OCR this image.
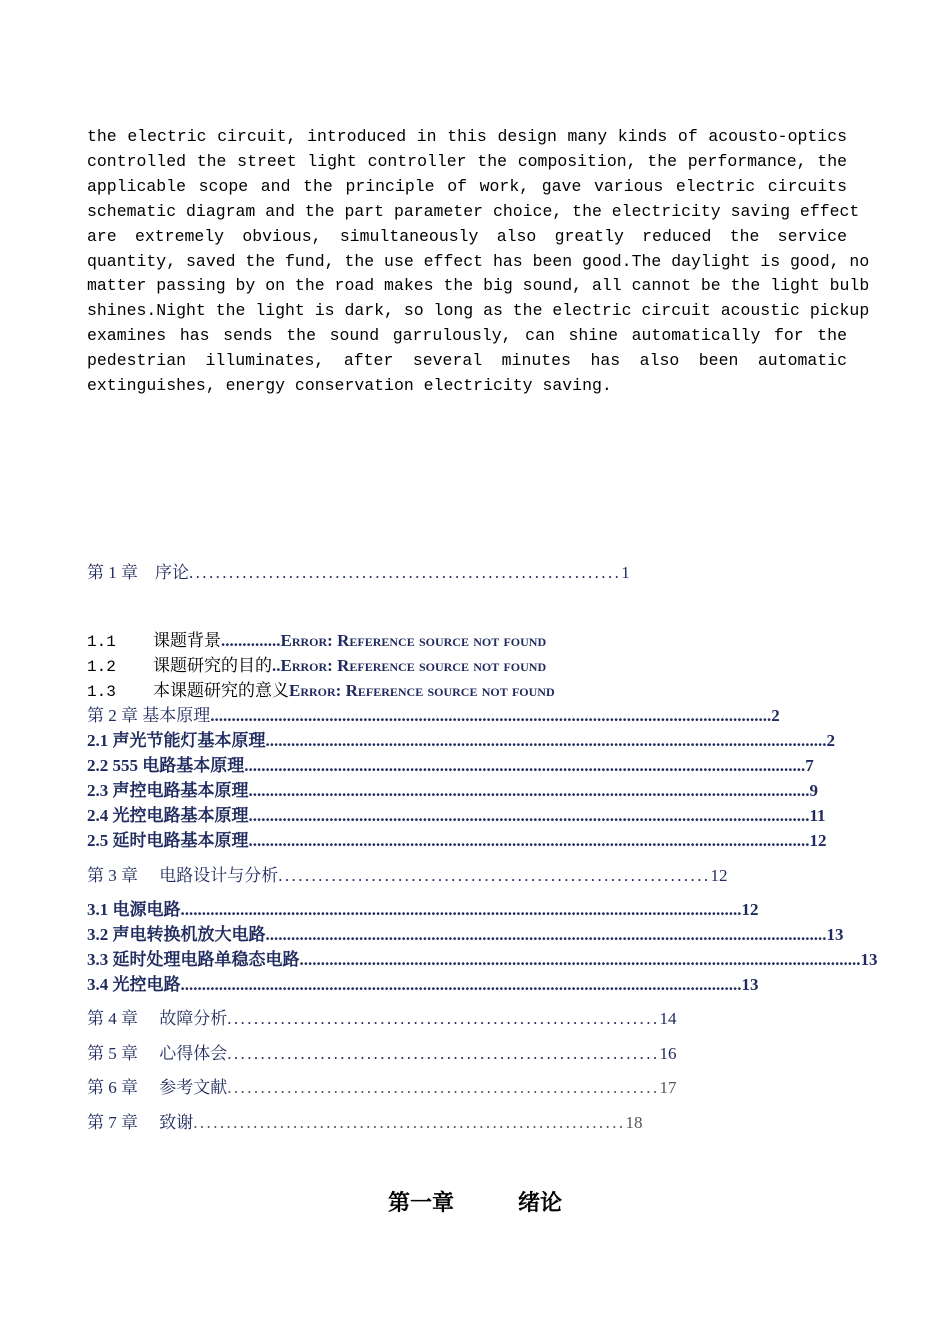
the electric circuit, introduced in this design many kinds of acousto-optics
controlled the street light controller the composition, the performance, the
applicable scope and the principle of work, gave various electric circuits
schematic diagram and the part parameter choice, the electricity saving effect
are extremely obvious, simultaneously also greatly reduced the service
quantity, saved the fund, the use effect has been good.The daylight is good, no
matter passing by on the road makes the big sound, all cannot be the light bulb
shines.Night the light is dark, so long as the electric circuit acoustic pickup
examines has sends the sound garrulously, can shine automatically for the
pedestrian illuminates, after several minutes has also been automatic
extinguishes, energy conservation electricity saving.
第 1 章　序论 ................................................................. 1
1.1	课题背景 .............. Error: Reference source not found
1.2	课题研究的目的 .. Error: Reference source not found
1.3	本课题研究的意义 Error: Reference source not found
第 2 章 基本原理 .................................................................................................................................... 2
2.1 声光节能灯基本原理 .................................................................................................................................... 2
2.2 555 电路基本原理 .................................................................................................................................... 7
2.3 声控电路基本原理 .................................................................................................................................... 9
2.4 光控电路基本原理 .................................................................................................................................... 11
2.5 延时电路基本原理 .................................................................................................................................... 12
第 3 章　 电路设计与分析 ................................................................. 12
3.1 电源电路 .................................................................................................................................... 12
3.2 声电转换机放大电路 .................................................................................................................................... 13
3.3 延时处理电路单稳态电路 .................................................................................................................................... 13
3.4 光控电路 .................................................................................................................................... 13
第 4 章　 故障分析 ................................................................. 14
第 5 章　 心得体会 ................................................................. 16
第 6 章　 参考文献 ................................................................. 17
第 7 章　 致谢 ................................................................. 18
第一章	绪论
